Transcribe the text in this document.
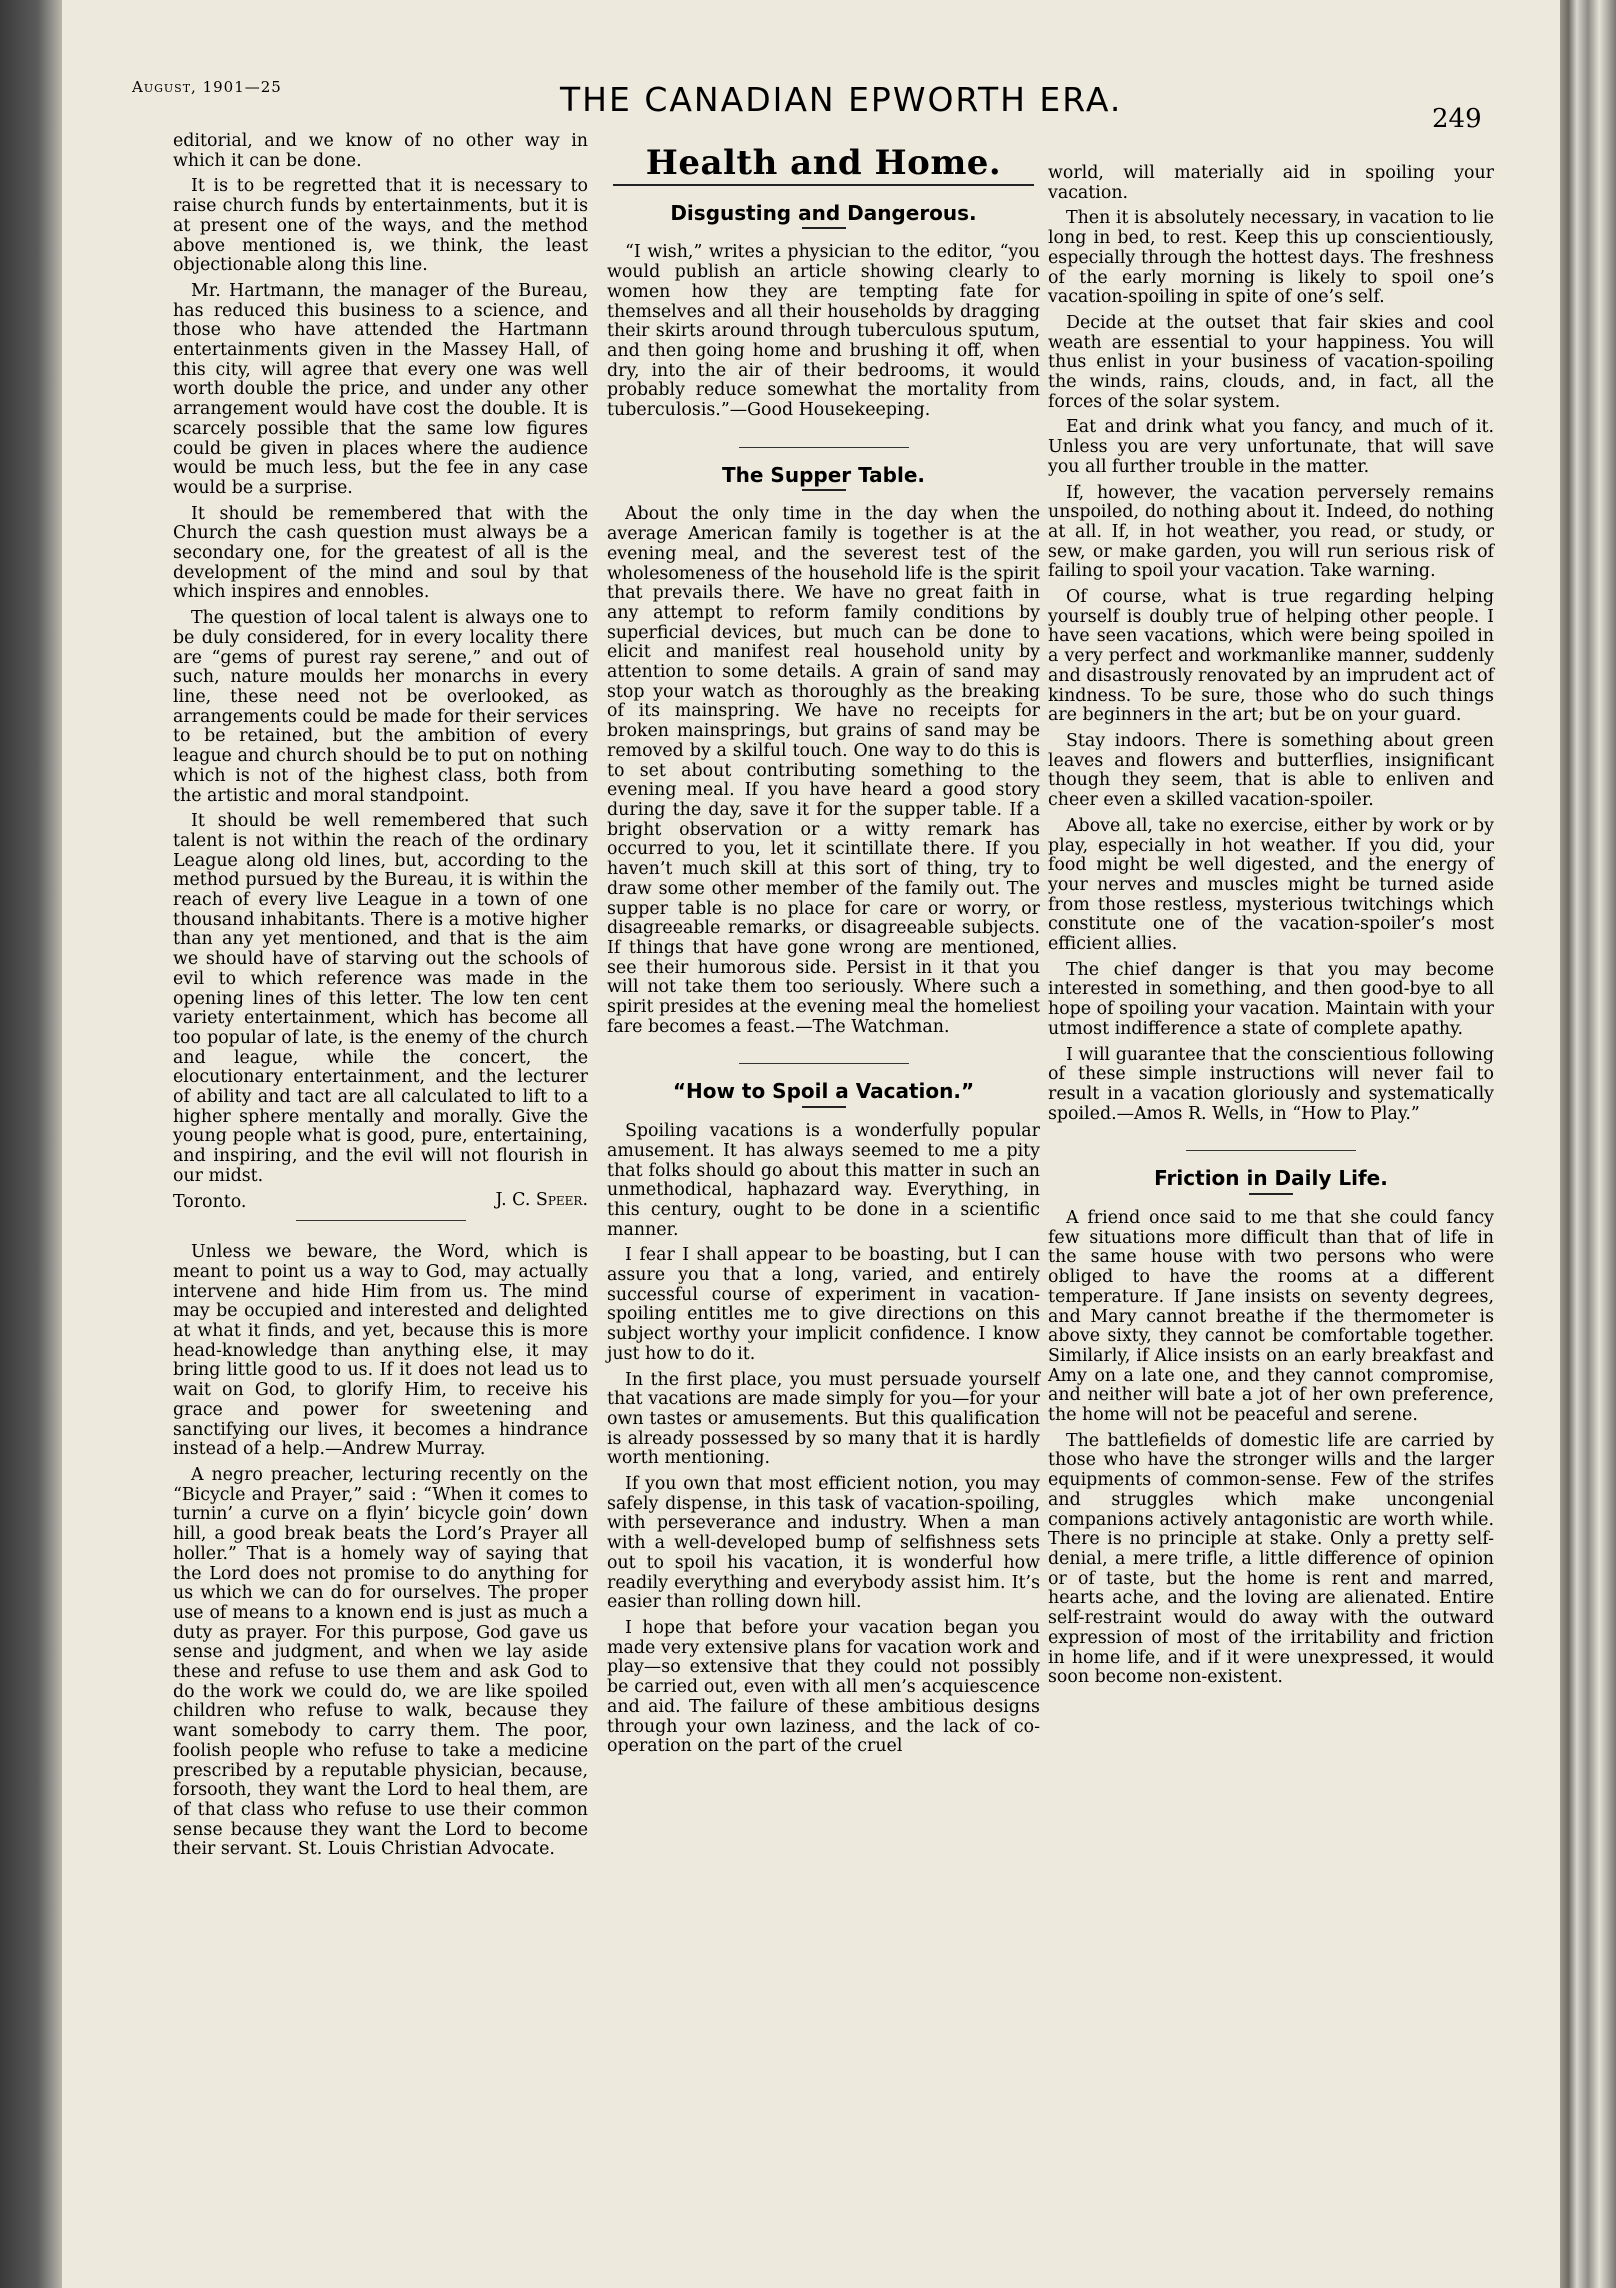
August, 1901—25	THE CANADIAN EPWORTH ERA.	249

editorial, and we know of no other way in which it can be done.

It is to be regretted that it is necessary to raise church funds by entertainments, but it is at present one of the ways, and the method above mentioned is, we think, the least objectionable along this line.

Mr. Hartmann, the manager of the Bureau, has reduced this business to a science, and those who have attended the Hartmann entertainments given in the Massey Hall, of this city, will agree that every one was well worth double the price, and under any other arrangement would have cost the double. It is scarcely possible that the same low figures could be given in places where the audience would be much less, but the fee in any case would be a surprise.

It should be remembered that with the Church the cash question must always be a secondary one, for the greatest of all is the development of the mind and soul by that which inspires and ennobles.

The question of local talent is always one to be duly considered, for in every locality there are “gems of purest ray serene,” and out of such, nature moulds her monarchs in every line, these need not be overlooked, as arrangements could be made for their services to be retained, but the ambition of every league and church should be to put on nothing which is not of the highest class, both from the artistic and moral standpoint.

It should be well remembered that such talent is not within the reach of the ordinary League along old lines, but, according to the method pursued by the Bureau, it is within the reach of every live League in a town of one thousand inhabitants. There is a motive higher than any yet mentioned, and that is the aim we should have of starving out the schools of evil to which reference was made in the opening lines of this letter. The low ten cent variety entertainment, which has become all too popular of late, is the enemy of the church and league, while the concert, the elocutionary entertainment, and the lecturer of ability and tact are all calculated to lift to a higher sphere mentally and morally. Give the young people what is good, pure, entertaining, and inspiring, and the evil will not flourish in our midst.

Toronto.	J. C. Speer.

Unless we beware, the Word, which is meant to point us a way to God, may actually intervene and hide Him from us. The mind may be occupied and interested and delighted at what it finds, and yet, because this is more head-knowledge than anything else, it may bring little good to us. If it does not lead us to wait on God, to glorify Him, to receive his grace and power for sweetening and sanctifying our lives, it becomes a hindrance instead of a help.—Andrew Murray.

A negro preacher, lecturing recently on the “Bicycle and Prayer,” said : “When it comes to turnin’ a curve on a flyin’ bicycle goin’ down hill, a good break beats the Lord’s Prayer all holler.” That is a homely way of saying that the Lord does not promise to do anything for us which we can do for ourselves. The proper use of means to a known end is just as much a duty as prayer. For this purpose, God gave us sense and judgment, and when we lay aside these and refuse to use them and ask God to do the work we could do, we are like spoiled children who refuse to walk, because they want somebody to carry them. The poor, foolish people who refuse to take a medicine prescribed by a reputable physician, because, forsooth, they want the Lord to heal them, are of that class who refuse to use their common sense because they want the Lord to become their servant. St. Louis Christian Advocate.

Health and Home.
Disgusting and Dangerous.

“I wish,” writes a physician to the editor, “you would publish an article showing clearly to women how they are tempting fate for themselves and all their households by dragging their skirts around through tuberculous sputum, and then going home and brushing it off, when dry, into the air of their bedrooms, it would probably reduce somewhat the mortality from tuberculosis.”—Good Housekeeping.

The Supper Table.

About the only time in the day when the average American family is together is at the evening meal, and the severest test of the wholesomeness of the household life is the spirit that prevails there. We have no great faith in any attempt to reform family conditions by superficial devices, but much can be done to elicit and manifest real household unity by attention to some details. A grain of sand may stop your watch as thoroughly as the breaking of its mainspring. We have no receipts for broken mainsprings, but grains of sand may be removed by a skilful touch. One way to do this is to set about contributing something to the evening meal. If you have heard a good story during the day, save it for the supper table. If a bright observation or a witty remark has occurred to you, let it scintillate there. If you haven’t much skill at this sort of thing, try to draw some other member of the family out. The supper table is no place for care or worry, or disagreeable remarks, or disagreeable subjects. If things that have gone wrong are mentioned, see their humorous side. Persist in it that you will not take them too seriously. Where such a spirit presides at the evening meal the homeliest fare becomes a feast.—The Watchman.

“How to Spoil a Vacation.”

Spoiling vacations is a wonderfully popular amusement. It has always seemed to me a pity that folks should go about this matter in such an unmethodical, haphazard way. Everything, in this century, ought to be done in a scientific manner.

I fear I shall appear to be boasting, but I can assure you that a long, varied, and entirely successful course of experiment in vacation-spoiling entitles me to give directions on this subject worthy your implicit confidence. I know just how to do it.

In the first place, you must persuade yourself that vacations are made simply for you—for your own tastes or amusements. But this qualification is already possessed by so many that it is hardly worth mentioning.

If you own that most efficient notion, you may safely dispense, in this task of vacation-spoiling, with perseverance and industry. When a man with a well-developed bump of selfishness sets out to spoil his vacation, it is wonderful how readily everything and everybody assist him. It’s easier than rolling down hill.

I hope that before your vacation began you made very extensive plans for vacation work and play—so extensive that they could not possibly be carried out, even with all men’s acquiescence and aid. The failure of these ambitious designs through your own laziness, and the lack of co-operation on the part of the cruel

world, will materially aid in spoiling your vacation.

Then it is absolutely necessary, in vacation to lie long in bed, to rest. Keep this up conscientiously, especially through the hottest days. The freshness of the early morning is likely to spoil one’s vacation-spoiling in spite of one’s self.

Decide at the outset that fair skies and cool weath are essential to your happiness. You will thus enlist in your business of vacation-spoiling the winds, rains, clouds, and, in fact, all the forces of the solar system.

Eat and drink what you fancy, and much of it. Unless you are very unfortunate, that will save you all further trouble in the matter.

If, however, the vacation perversely remains unspoiled, do nothing about it. Indeed, do nothing at all. If, in hot weather, you read, or study, or sew, or make garden, you will run serious risk of failing to spoil your vacation. Take warning.

Of course, what is true regarding helping yourself is doubly true of helping other people. I have seen vacations, which were being spoiled in a very perfect and workmanlike manner, suddenly and disastrously renovated by an imprudent act of kindness. To be sure, those who do such things are beginners in the art; but be on your guard.

Stay indoors. There is something about green leaves and flowers and butterflies, insignificant though they seem, that is able to enliven and cheer even a skilled vacation-spoiler.

Above all, take no exercise, either by work or by play, especially in hot weather. If you did, your food might be well digested, and the energy of your nerves and muscles might be turned aside from those restless, mysterious twitchings which constitute one of the vacation-spoiler’s most efficient allies.

The chief danger is that you may become interested in something, and then good-bye to all hope of spoiling your vacation. Maintain with your utmost indifference a state of complete apathy.

I will guarantee that the conscientious following of these simple instructions will never fail to result in a vacation gloriously and systematically spoiled.—Amos R. Wells, in “How to Play.”

Friction in Daily Life.

A friend once said to me that she could fancy few situations more difficult than that of life in the same house with two persons who were obliged to have the rooms at a different temperature. If Jane insists on seventy degrees, and Mary cannot breathe if the thermometer is above sixty, they cannot be comfortable together. Similarly, if Alice insists on an early breakfast and Amy on a late one, and they cannot compromise, and neither will bate a jot of her own preference, the home will not be peaceful and serene.

The battlefields of domestic life are carried by those who have the stronger wills and the larger equipments of common-sense. Few of the strifes and struggles which make uncongenial companions actively antagonistic are worth while. There is no principle at stake. Only a pretty self-denial, a mere trifle, a little difference of opinion or of taste, but the home is rent and marred, hearts ache, and the loving are alienated. Entire self-restraint would do away with the outward expression of most of the irritability and friction in home life, and if it were unexpressed, it would soon become non-existent.
